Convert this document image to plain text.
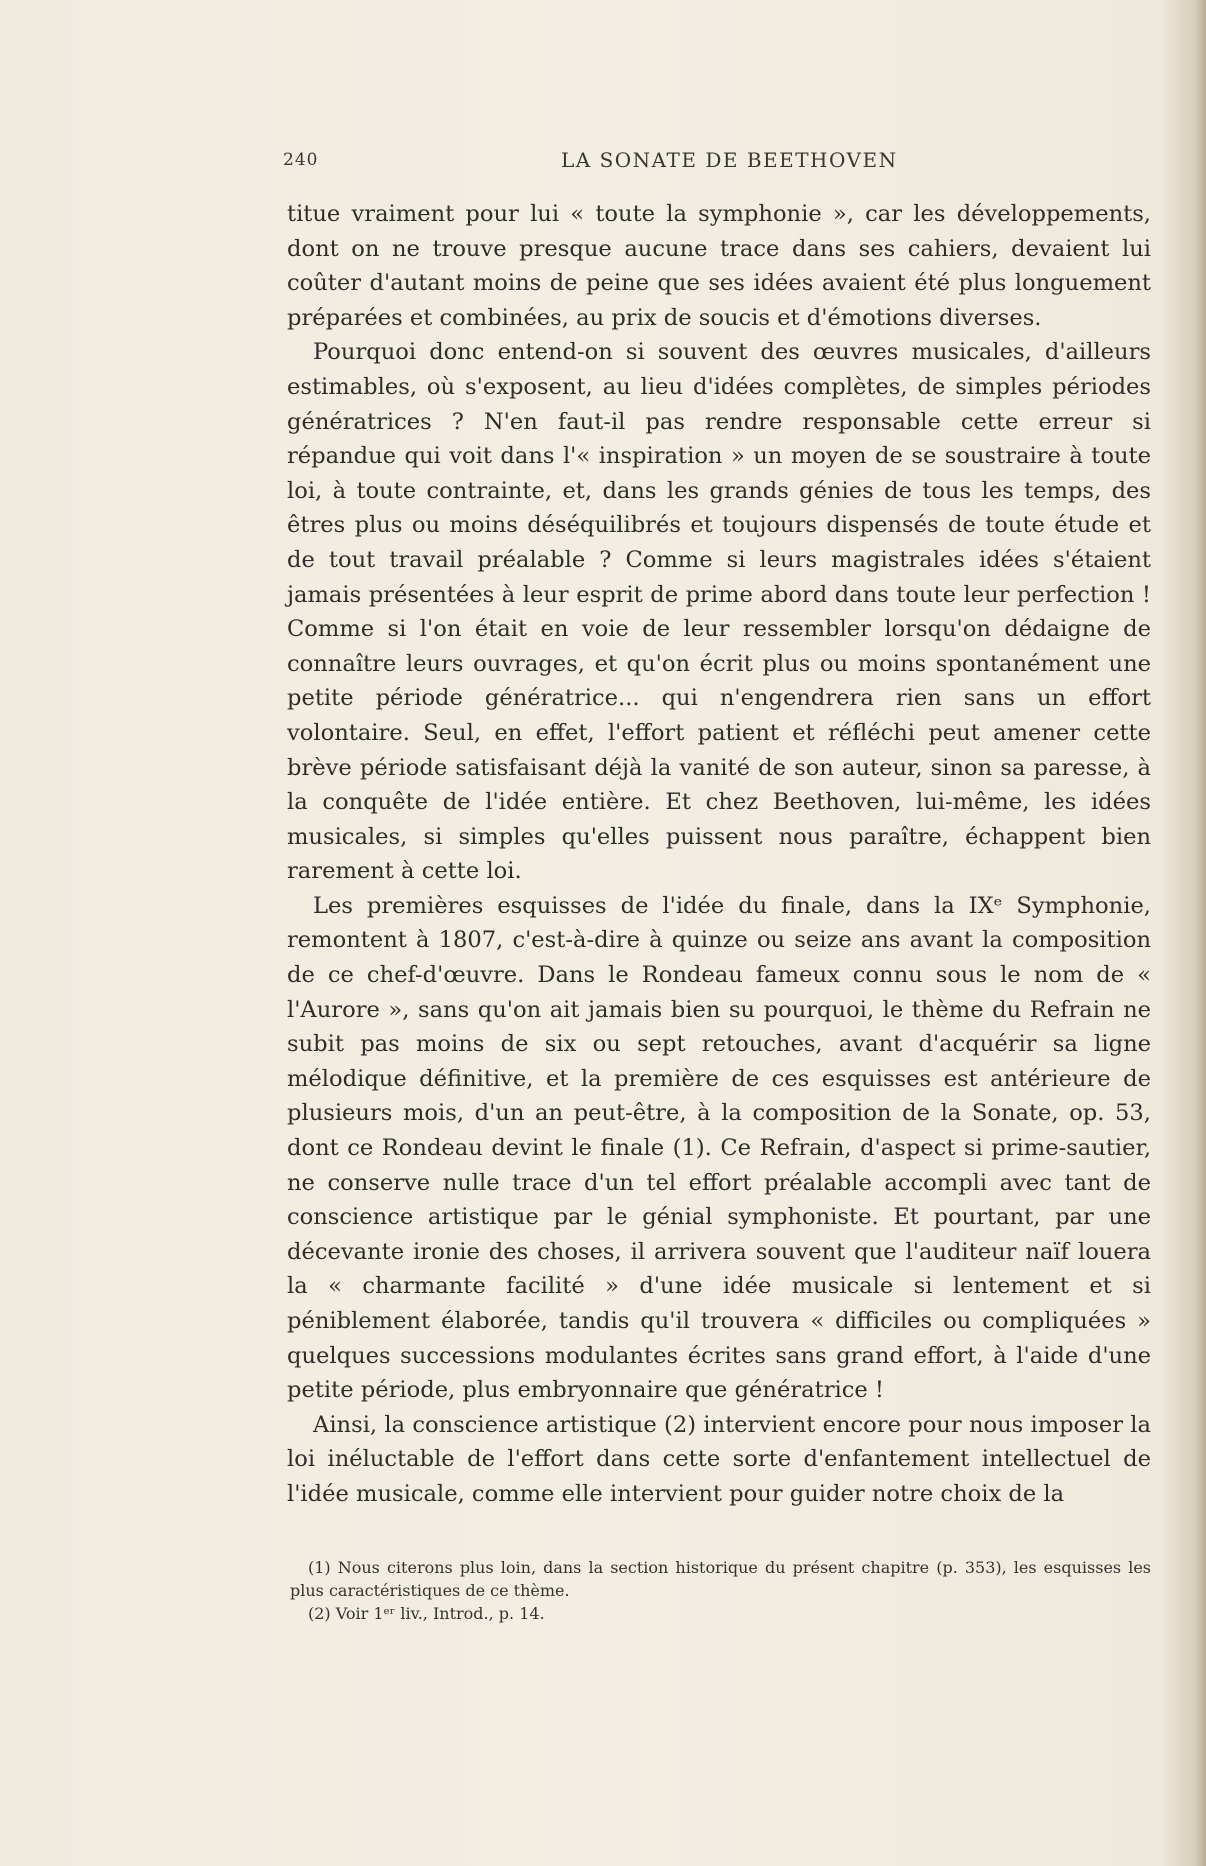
240	LA SONATE DE BEETHOVEN

titue vraiment pour lui « toute la symphonie », car les développements, dont on ne trouve presque aucune trace dans ses cahiers, devaient lui coûter d'autant moins de peine que ses idées avaient été plus longuement préparées et combinées, au prix de soucis et d'émotions diverses.

Pourquoi donc entend-on si souvent des œuvres musicales, d'ailleurs estimables, où s'exposent, au lieu d'idées complètes, de simples périodes génératrices ? N'en faut-il pas rendre responsable cette erreur si répandue qui voit dans l'« inspiration » un moyen de se soustraire à toute loi, à toute contrainte, et, dans les grands génies de tous les temps, des êtres plus ou moins déséquilibrés et toujours dispensés de toute étude et de tout travail préalable ? Comme si leurs magistrales idées s'étaient jamais présentées à leur esprit de prime abord dans toute leur perfection ! Comme si l'on était en voie de leur ressembler lorsqu'on dédaigne de connaître leurs ouvrages, et qu'on écrit plus ou moins spontanément une petite période génératrice... qui n'engendrera rien sans un effort volontaire. Seul, en effet, l'effort patient et réfléchi peut amener cette brève période satisfaisant déjà la vanité de son auteur, sinon sa paresse, à la conquête de l'idée entière. Et chez Beethoven, lui-même, les idées musicales, si simples qu'elles puissent nous paraître, échappent bien rarement à cette loi.

Les premières esquisses de l'idée du finale, dans la IXᵉ Symphonie, remontent à 1807, c'est-à-dire à quinze ou seize ans avant la composition de ce chef-d'œuvre. Dans le Rondeau fameux connu sous le nom de « l'Aurore », sans qu'on ait jamais bien su pourquoi, le thème du Refrain ne subit pas moins de six ou sept retouches, avant d'acquérir sa ligne mélodique définitive, et la première de ces esquisses est antérieure de plusieurs mois, d'un an peut-être, à la composition de la Sonate, op. 53, dont ce Rondeau devint le finale (1). Ce Refrain, d'aspect si prime-sautier, ne conserve nulle trace d'un tel effort préalable accompli avec tant de conscience artistique par le génial symphoniste. Et pourtant, par une décevante ironie des choses, il arrivera souvent que l'auditeur naïf louera la « charmante facilité » d'une idée musicale si lentement et si péniblement élaborée, tandis qu'il trouvera « difficiles ou compliquées » quelques successions modulantes écrites sans grand effort, à l'aide d'une petite période, plus embryonnaire que génératrice !

Ainsi, la conscience artistique (2) intervient encore pour nous imposer la loi inéluctable de l'effort dans cette sorte d'enfantement intellectuel de l'idée musicale, comme elle intervient pour guider notre choix de la

(1) Nous citerons plus loin, dans la section historique du présent chapitre (p. 353), les esquisses les plus caractéristiques de ce thème.

(2) Voir 1ᵉʳ liv., Introd., p. 14.
